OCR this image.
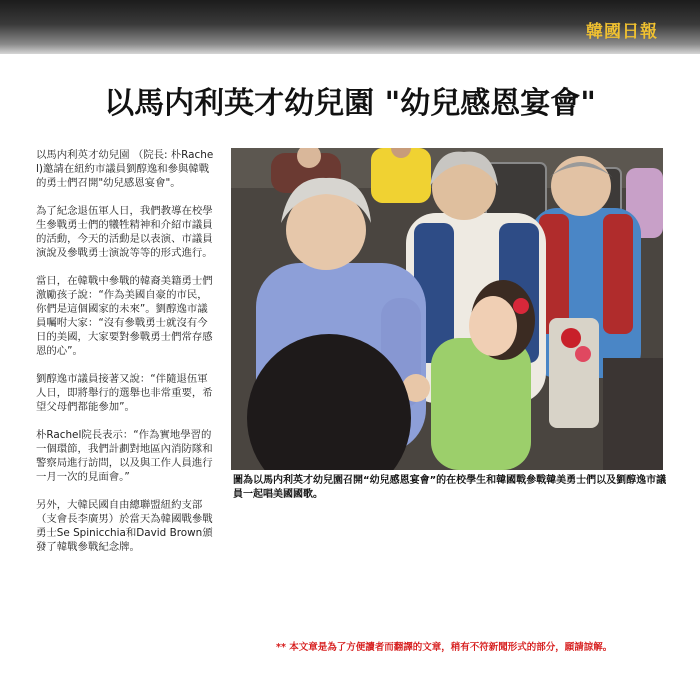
韓國日報
以馬内利英才幼兒園 "幼兒感恩宴會"

以馬内利英才幼兒園 （院長: 朴Rachel)邀請在紐約市議員劉醇逸和參與韓戰的勇士們召開"幼兒感恩宴會"。

為了紀念退伍軍人日，我們教導在校學生參戰勇士們的犧牲精神和介紹市議員的活動，今天的活動是以表演、市議員演說及參戰勇士演說等等的形式進行。

當日，在韓戰中參戰的韓裔美籍勇士們激勵孩子說：“作為美國自豪的市民，你們是這個國家的未來”。劉醇逸市議員囑咐大家：“沒有參戰勇士就沒有今日的美國，大家要對參戰勇士們常存感恩的心”。

劉醇逸市議員接著又說：“伴隨退伍軍人日，即將舉行的選舉也非常重要，希望父母們都能參加”。

朴Rachel院長表示：“作為實地學習的一個環節，我們計劃對地區內消防隊和警察局進行訪問，以及與工作人員進行一月一次的見面會。”

另外，大韓民國自由總聯盟紐約支部（支會長李廣男）於當天為韓國戰參戰勇士Se Spinicchia和David Brown頒發了韓戰參戰紀念牌。

圖為以馬内利英才幼兒園召開“幼兒感恩宴會”的在校學生和韓國戰參戰韓美勇士們以及劉醇逸市議員一起唱美國國歌。
** 本文章是為了方便讀者而翻譯的文章，稍有不符新聞形式的部分，願請諒解。
